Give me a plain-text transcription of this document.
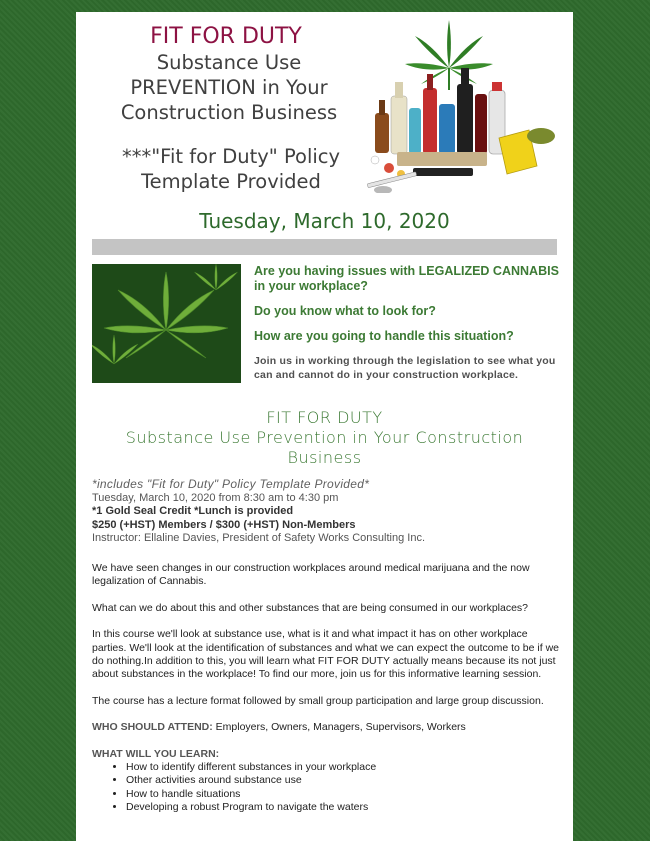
FIT FOR DUTY
Substance Use
PREVENTION in Your
Construction Business
***"Fit for Duty" Policy
Template Provided
Tuesday, March 10, 2020

Are you having issues with LEGALIZED CANNABIS in your workplace?

Do you know what to look for?

How are you going to handle this situation?

Join us in working through the legislation to see what you can and cannot do in your construction workplace.

FIT FOR DUTY
Substance Use Prevention in Your Construction
Business
*includes "Fit for Duty" Policy Template Provided*
Tuesday, March 10, 2020 from 8:30 am to 4:30 pm
*1 Gold Seal Credit *Lunch is provided
$250 (+HST) Members / $300 (+HST) Non-Members
Instructor: Ellaline Davies, President of Safety Works Consulting Inc.

We have seen changes in our construction workplaces around medical marijuana and the now legalization of Cannabis.

What can we do about this and other substances that are being consumed in our workplaces?

In this course we'll look at substance use, what is it and what impact it has on other workplace parties. We'll look at the identification of substances and what we can expect the outcome to be if we do nothing.In addition to this, you will learn what FIT FOR DUTY actually means because its not just about substances in the workplace! To find our more, join us for this informative learning session.

The course has a lecture format followed by small group participation and large group discussion.

WHO SHOULD ATTEND: Employers, Owners, Managers, Supervisors, Workers

WHAT WILL YOU LEARN:
• How to identify different substances in your workplace
• Other activities around substance use
• How to handle situations
• Developing a robust Program to navigate the waters
